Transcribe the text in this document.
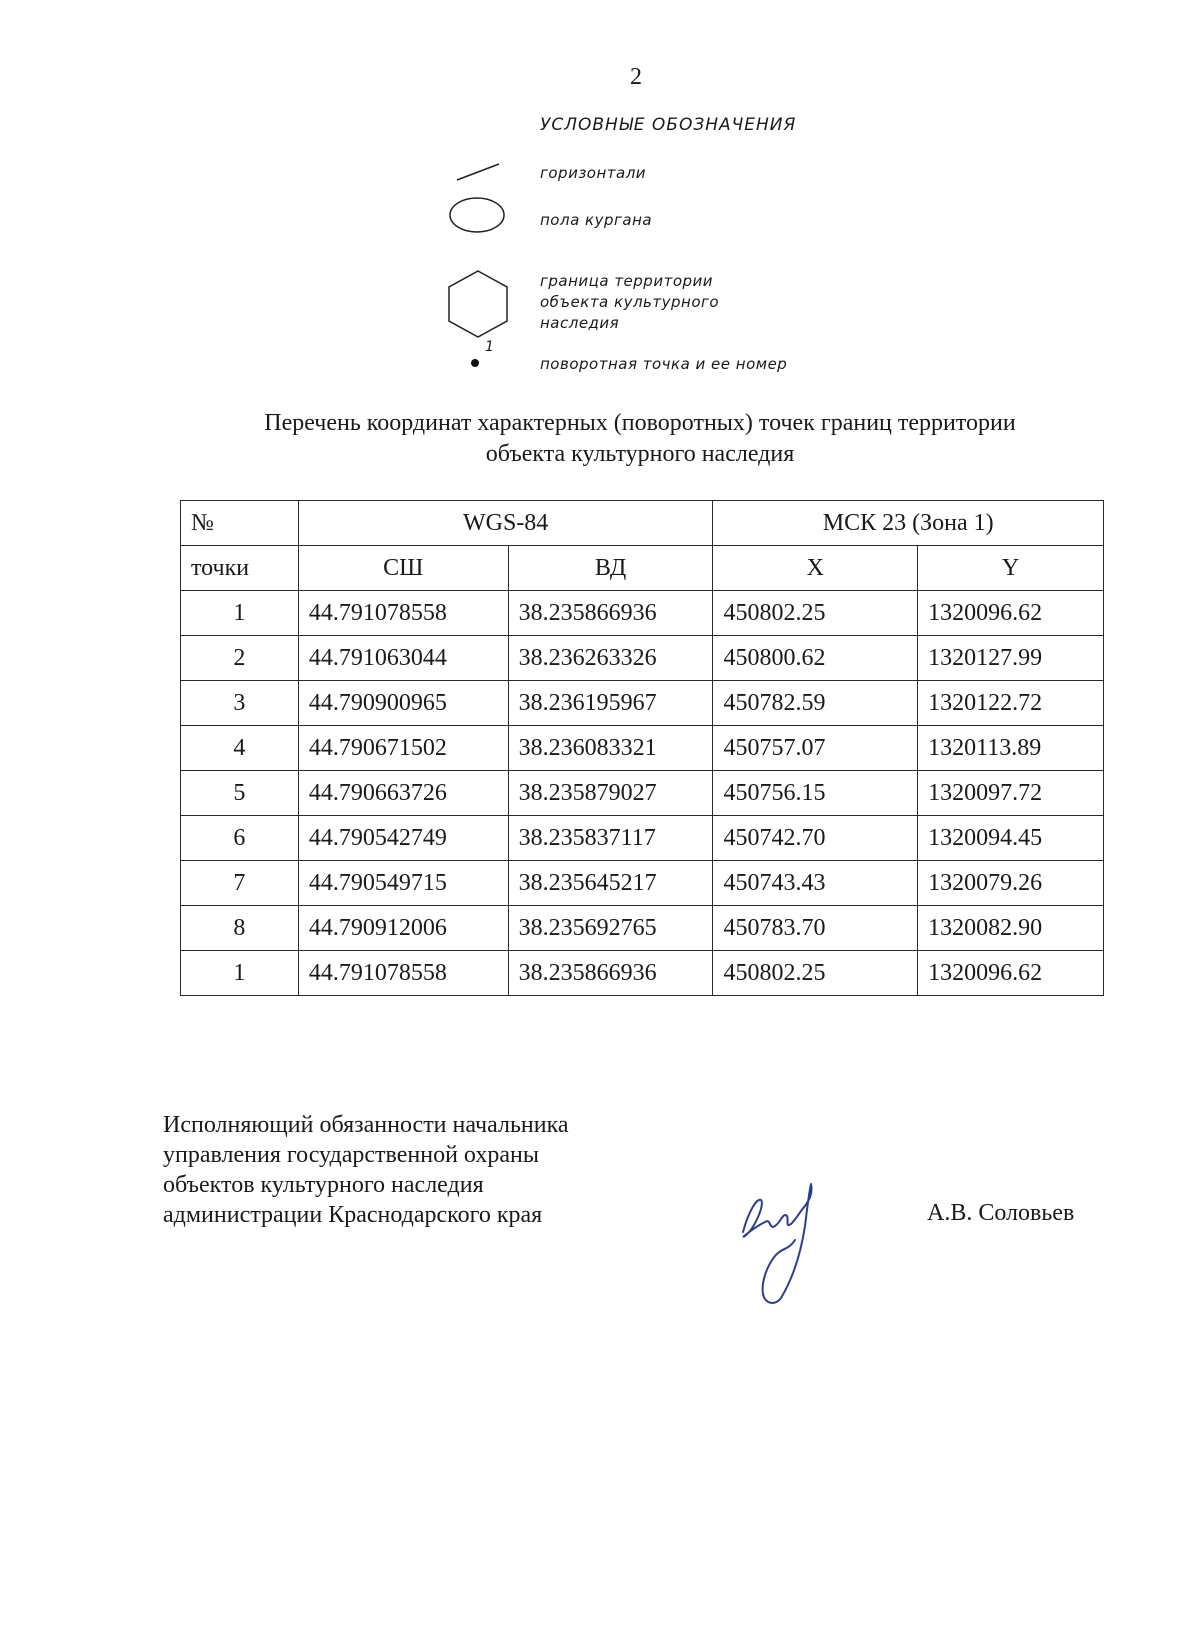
2
УСЛОВНЫЕ ОБОЗНАЧЕНИЯ
горизонтали
пола кургана
граница территории
объекта культурного
наследия
1
поворотная точка и ее номер
Перечень координат характерных (поворотных) точек границ территории
объекта культурного наследия
№	WGS-84		МСК 23 (Зона 1)	
точки	СШ	ВД	X	Y
1	44.791078558	38.235866936	450802.25	1320096.62
2	44.791063044	38.236263326	450800.62	1320127.99
3	44.790900965	38.236195967	450782.59	1320122.72
4	44.790671502	38.236083321	450757.07	1320113.89
5	44.790663726	38.235879027	450756.15	1320097.72
6	44.790542749	38.235837117	450742.70	1320094.45
7	44.790549715	38.235645217	450743.43	1320079.26
8	44.790912006	38.235692765	450783.70	1320082.90
1	44.791078558	38.235866936	450802.25	1320096.62
Исполняющий обязанности начальника
управления государственной охраны
объектов культурного наследия
администрации Краснодарского края	А.В. Соловьев
